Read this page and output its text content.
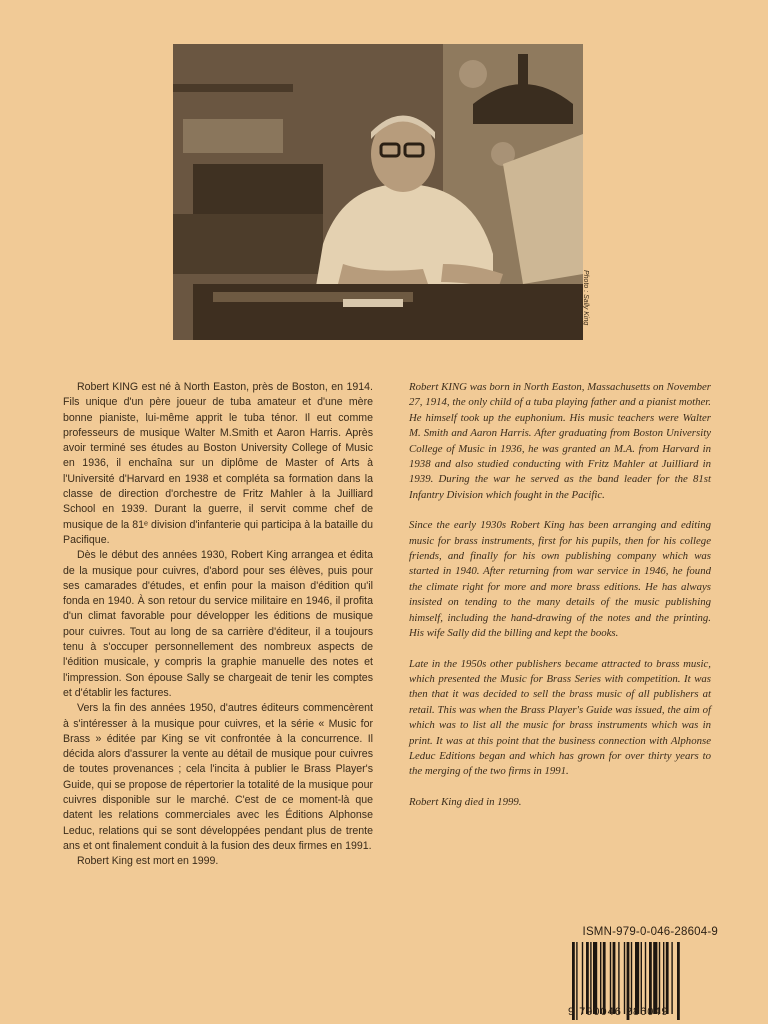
Photo : Sally King

Robert KING est né à North Easton, près de Boston, en 1914. Fils unique d'un père joueur de tuba amateur et d'une mère bonne pianiste, lui-même apprit le tuba ténor. Il eut comme professeurs de musique Walter M.Smith et Aaron Harris. Après avoir terminé ses études au Boston University College of Music en 1936, il enchaîna sur un diplôme de Master of Arts à l'Université d'Harvard en 1938 et compléta sa formation dans la classe de direction d'orchestre de Fritz Mahler à la Juilliard School en 1939. Durant la guerre, il servit comme chef de musique de la 81ᵉ division d'infanterie qui participa à la bataille du Pacifique.

Dès le début des années 1930, Robert King arrangea et édita de la musique pour cuivres, d'abord pour ses élèves, puis pour ses camarades d'études, et enfin pour la maison d'édition qu'il fonda en 1940. À son retour du service militaire en 1946, il profita d'un climat favorable pour développer les éditions de musique pour cuivres. Tout au long de sa carrière d'éditeur, il a toujours tenu à s'occuper personnellement des nombreux aspects de l'édition musicale, y compris la graphie manuelle des notes et l'impression. Son épouse Sally se chargeait de tenir les comptes et d'établir les factures.

Vers la fin des années 1950, d'autres éditeurs commencèrent à s'intéresser à la musique pour cuivres, et la série « Music for Brass » éditée par King se vit confrontée à la concurrence. Il décida alors d'assurer la vente au détail de musique pour cuivres de toutes provenances ; cela l'incita à publier le Brass Player's Guide, qui se propose de répertorier la totalité de la musique pour cuivres disponible sur le marché. C'est de ce moment-là que datent les relations commerciales avec les Éditions Alphonse Leduc, relations qui se sont développées pendant plus de trente ans et ont finalement conduit à la fusion des deux firmes en 1991.

Robert King est mort en 1999.

Robert KING was born in North Easton, Massachusetts on November 27, 1914, the only child of a tuba playing father and a pianist mother. He himself took up the euphonium. His music teachers were Walter M. Smith and Aaron Harris. After graduating from Boston University College of Music in 1936, he was granted an M.A. from Harvard in 1938 and also studied conducting with Fritz Mahler at Juilliard in 1939. During the war he served as the band leader for the 81st Infantry Division which fought in the Pacific.

Since the early 1930s Robert King has been arranging and editing music for brass instruments, first for his pupils, then for his college friends, and finally for his own publishing company which was started in 1940. After returning from war service in 1946, he found the climate right for more and more brass editions. He has always insisted on tending to the many details of the music publishing himself, including the hand-drawing of the notes and the printing. His wife Sally did the billing and kept the books.

Late in the 1950s other publishers became attracted to brass music, which presented the Music for Brass Series with competition. It was then that it was decided to sell the brass music of all publishers at retail. This was when the Brass Player's Guide was issued, the aim of which was to list all the music for brass instruments which was in print. It was at this point that the business connection with Alphonse Leduc Editions began and which has grown for over thirty years to the merging of the two firms in 1991.

Robert King died in 1999.

ISMN-979-0-046-28604-9
9 790046 286049
